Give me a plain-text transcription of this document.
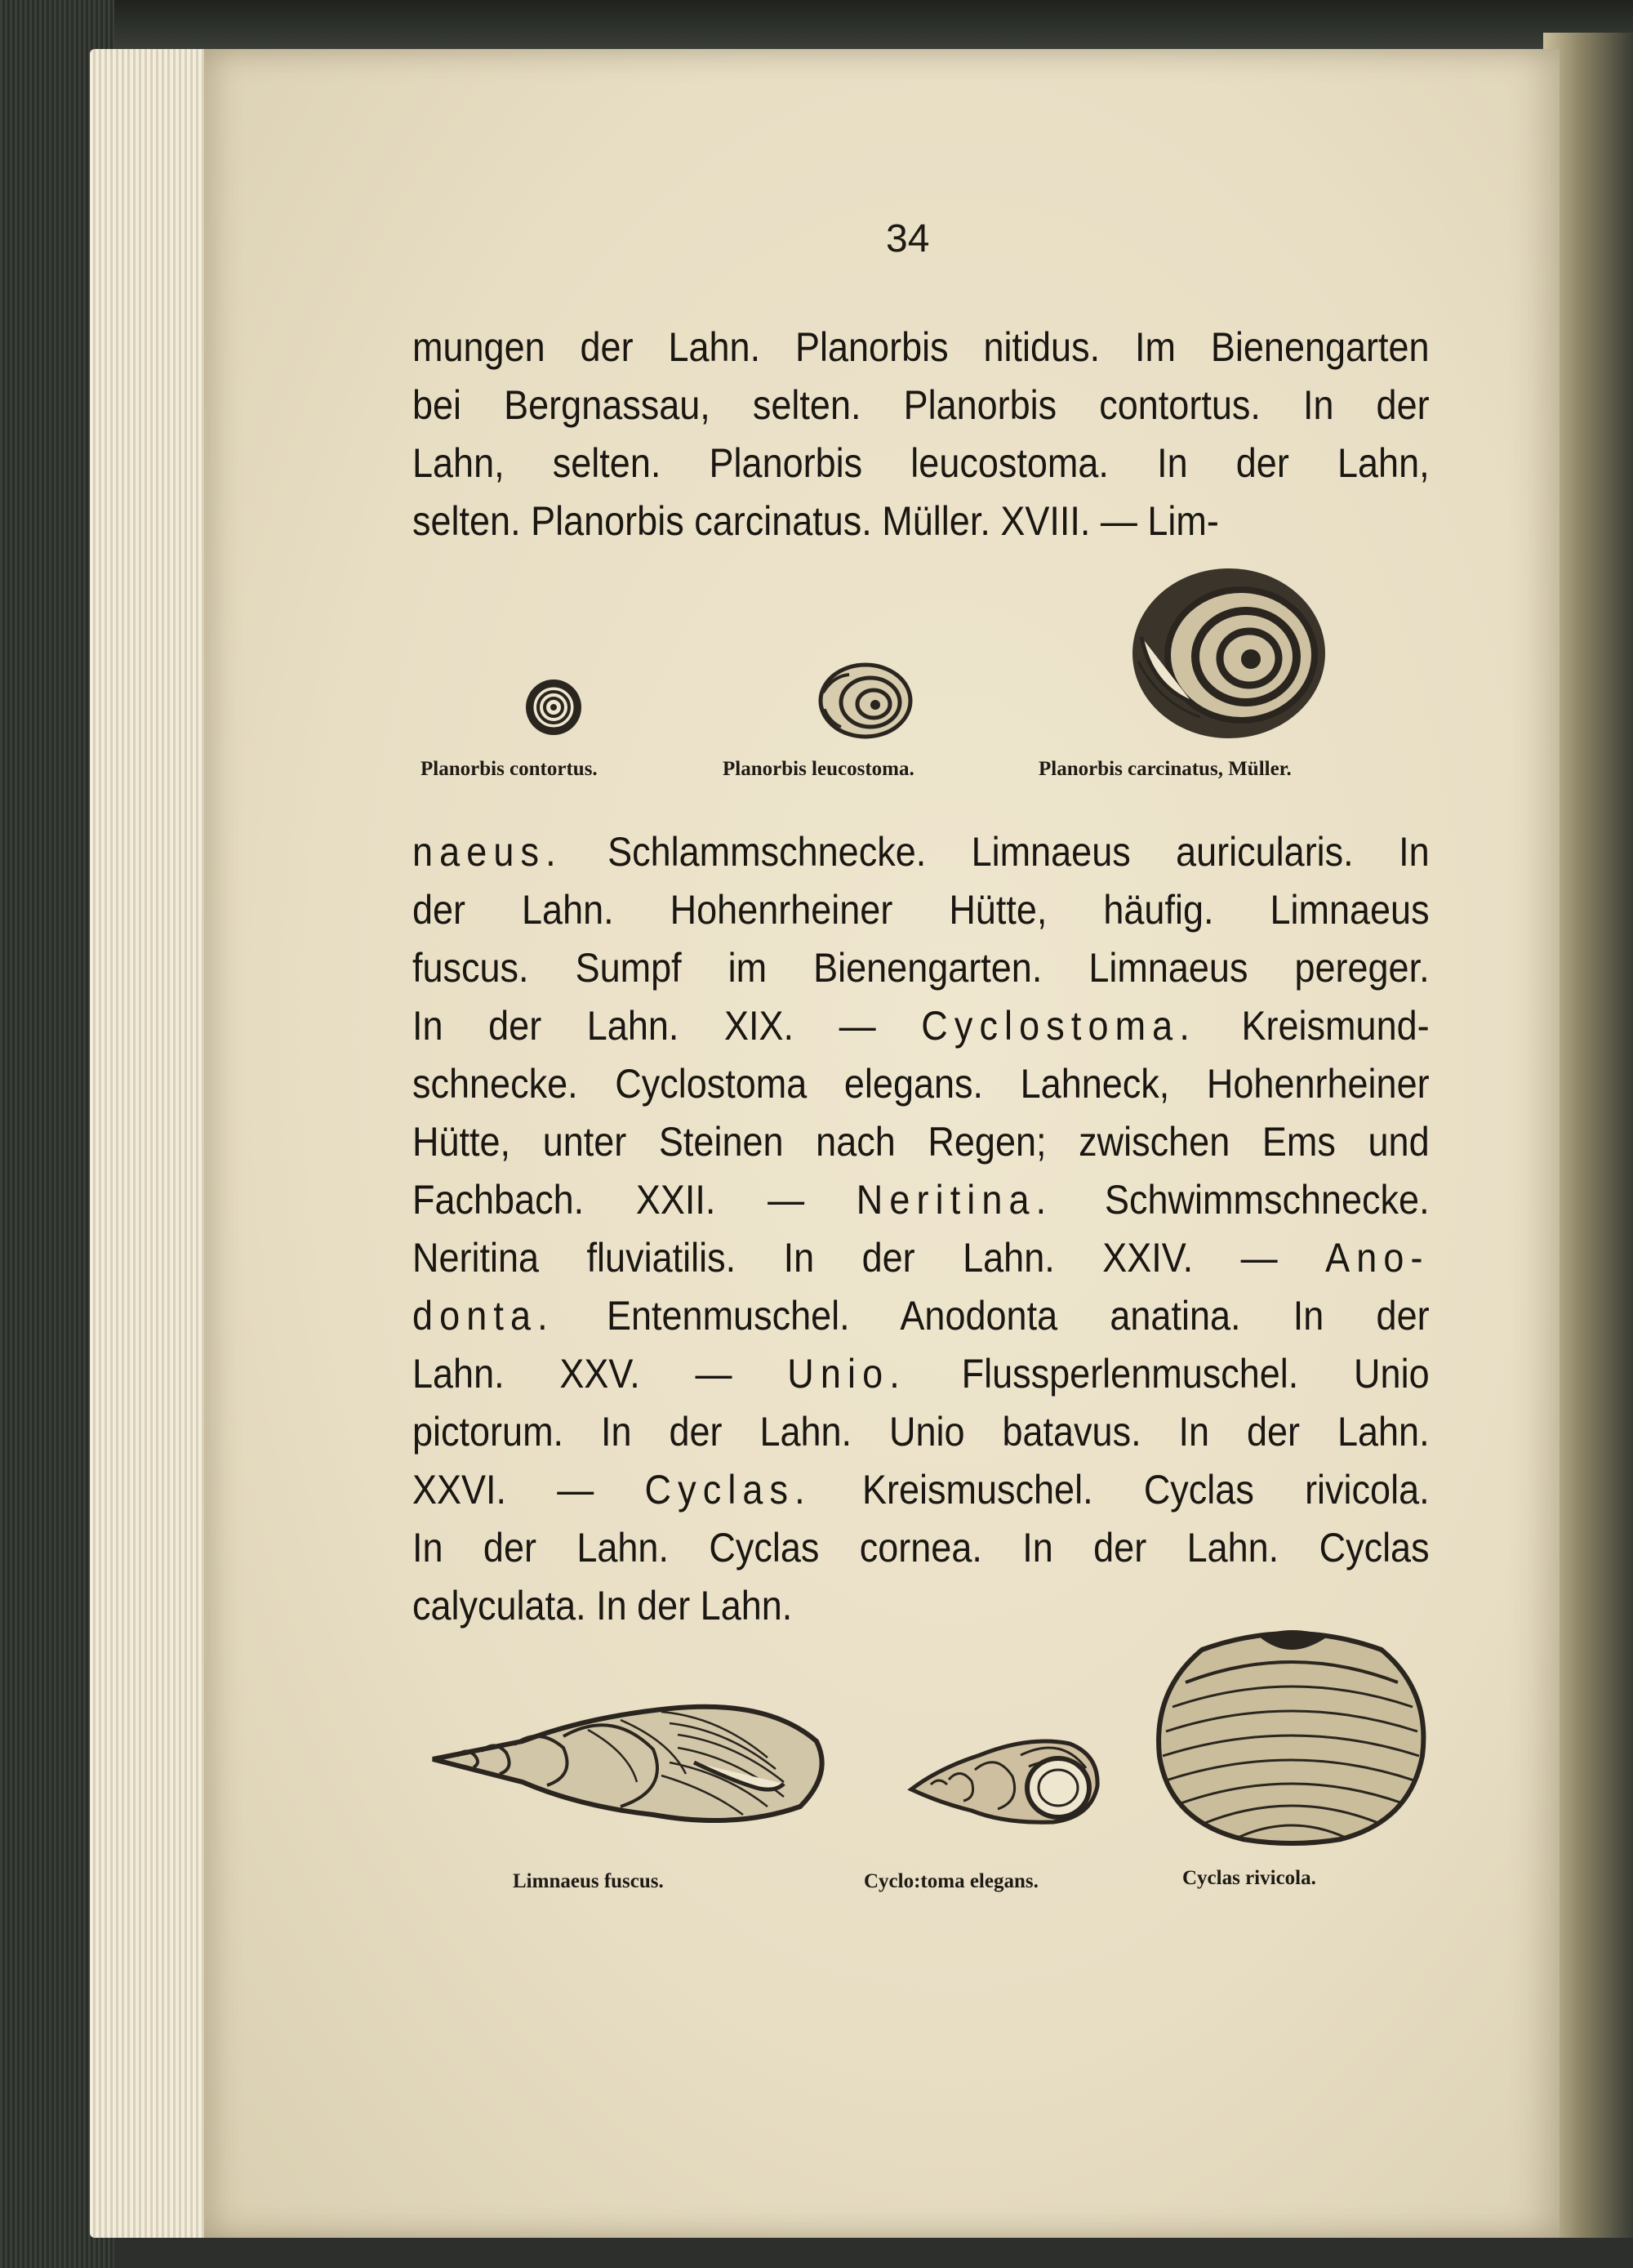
34
mungen der Lahn. Planorbis nitidus. Im Bienengarten
bei Bergnassau, selten. Planorbis contortus. In der
Lahn, selten. Planorbis leucostoma. In der Lahn,
selten. Planorbis carcinatus. Müller. XVIII. — Lim-
Planorbis contortus.	Planorbis leucostoma.	Planorbis carcinatus, Müller.
naeus. Schlammschnecke. Limnaeus auricularis. In
der Lahn. Hohenrheiner Hütte, häufig. Limnaeus
fuscus. Sumpf im Bienengarten. Limnaeus pereger.
In der Lahn. XIX. — Cyclostoma. Kreismund-
schnecke. Cyclostoma elegans. Lahneck, Hohenrheiner
Hütte, unter Steinen nach Regen; zwischen Ems und
Fachbach. XXII. — Neritina. Schwimmschnecke.
Neritina fluviatilis. In der Lahn. XXIV. — Ano-
donta. Entenmuschel. Anodonta anatina. In der
Lahn. XXV. — Unio. Flussperlenmuschel. Unio
pictorum. In der Lahn. Unio batavus. In der Lahn.
XXVI. — Cyclas. Kreismuschel. Cyclas rivicola.
In der Lahn. Cyclas cornea. In der Lahn. Cyclas
calyculata. In der Lahn.
Limnaeus fuscus.	Cyclo:toma elegans.	Cyclas rivicola.
